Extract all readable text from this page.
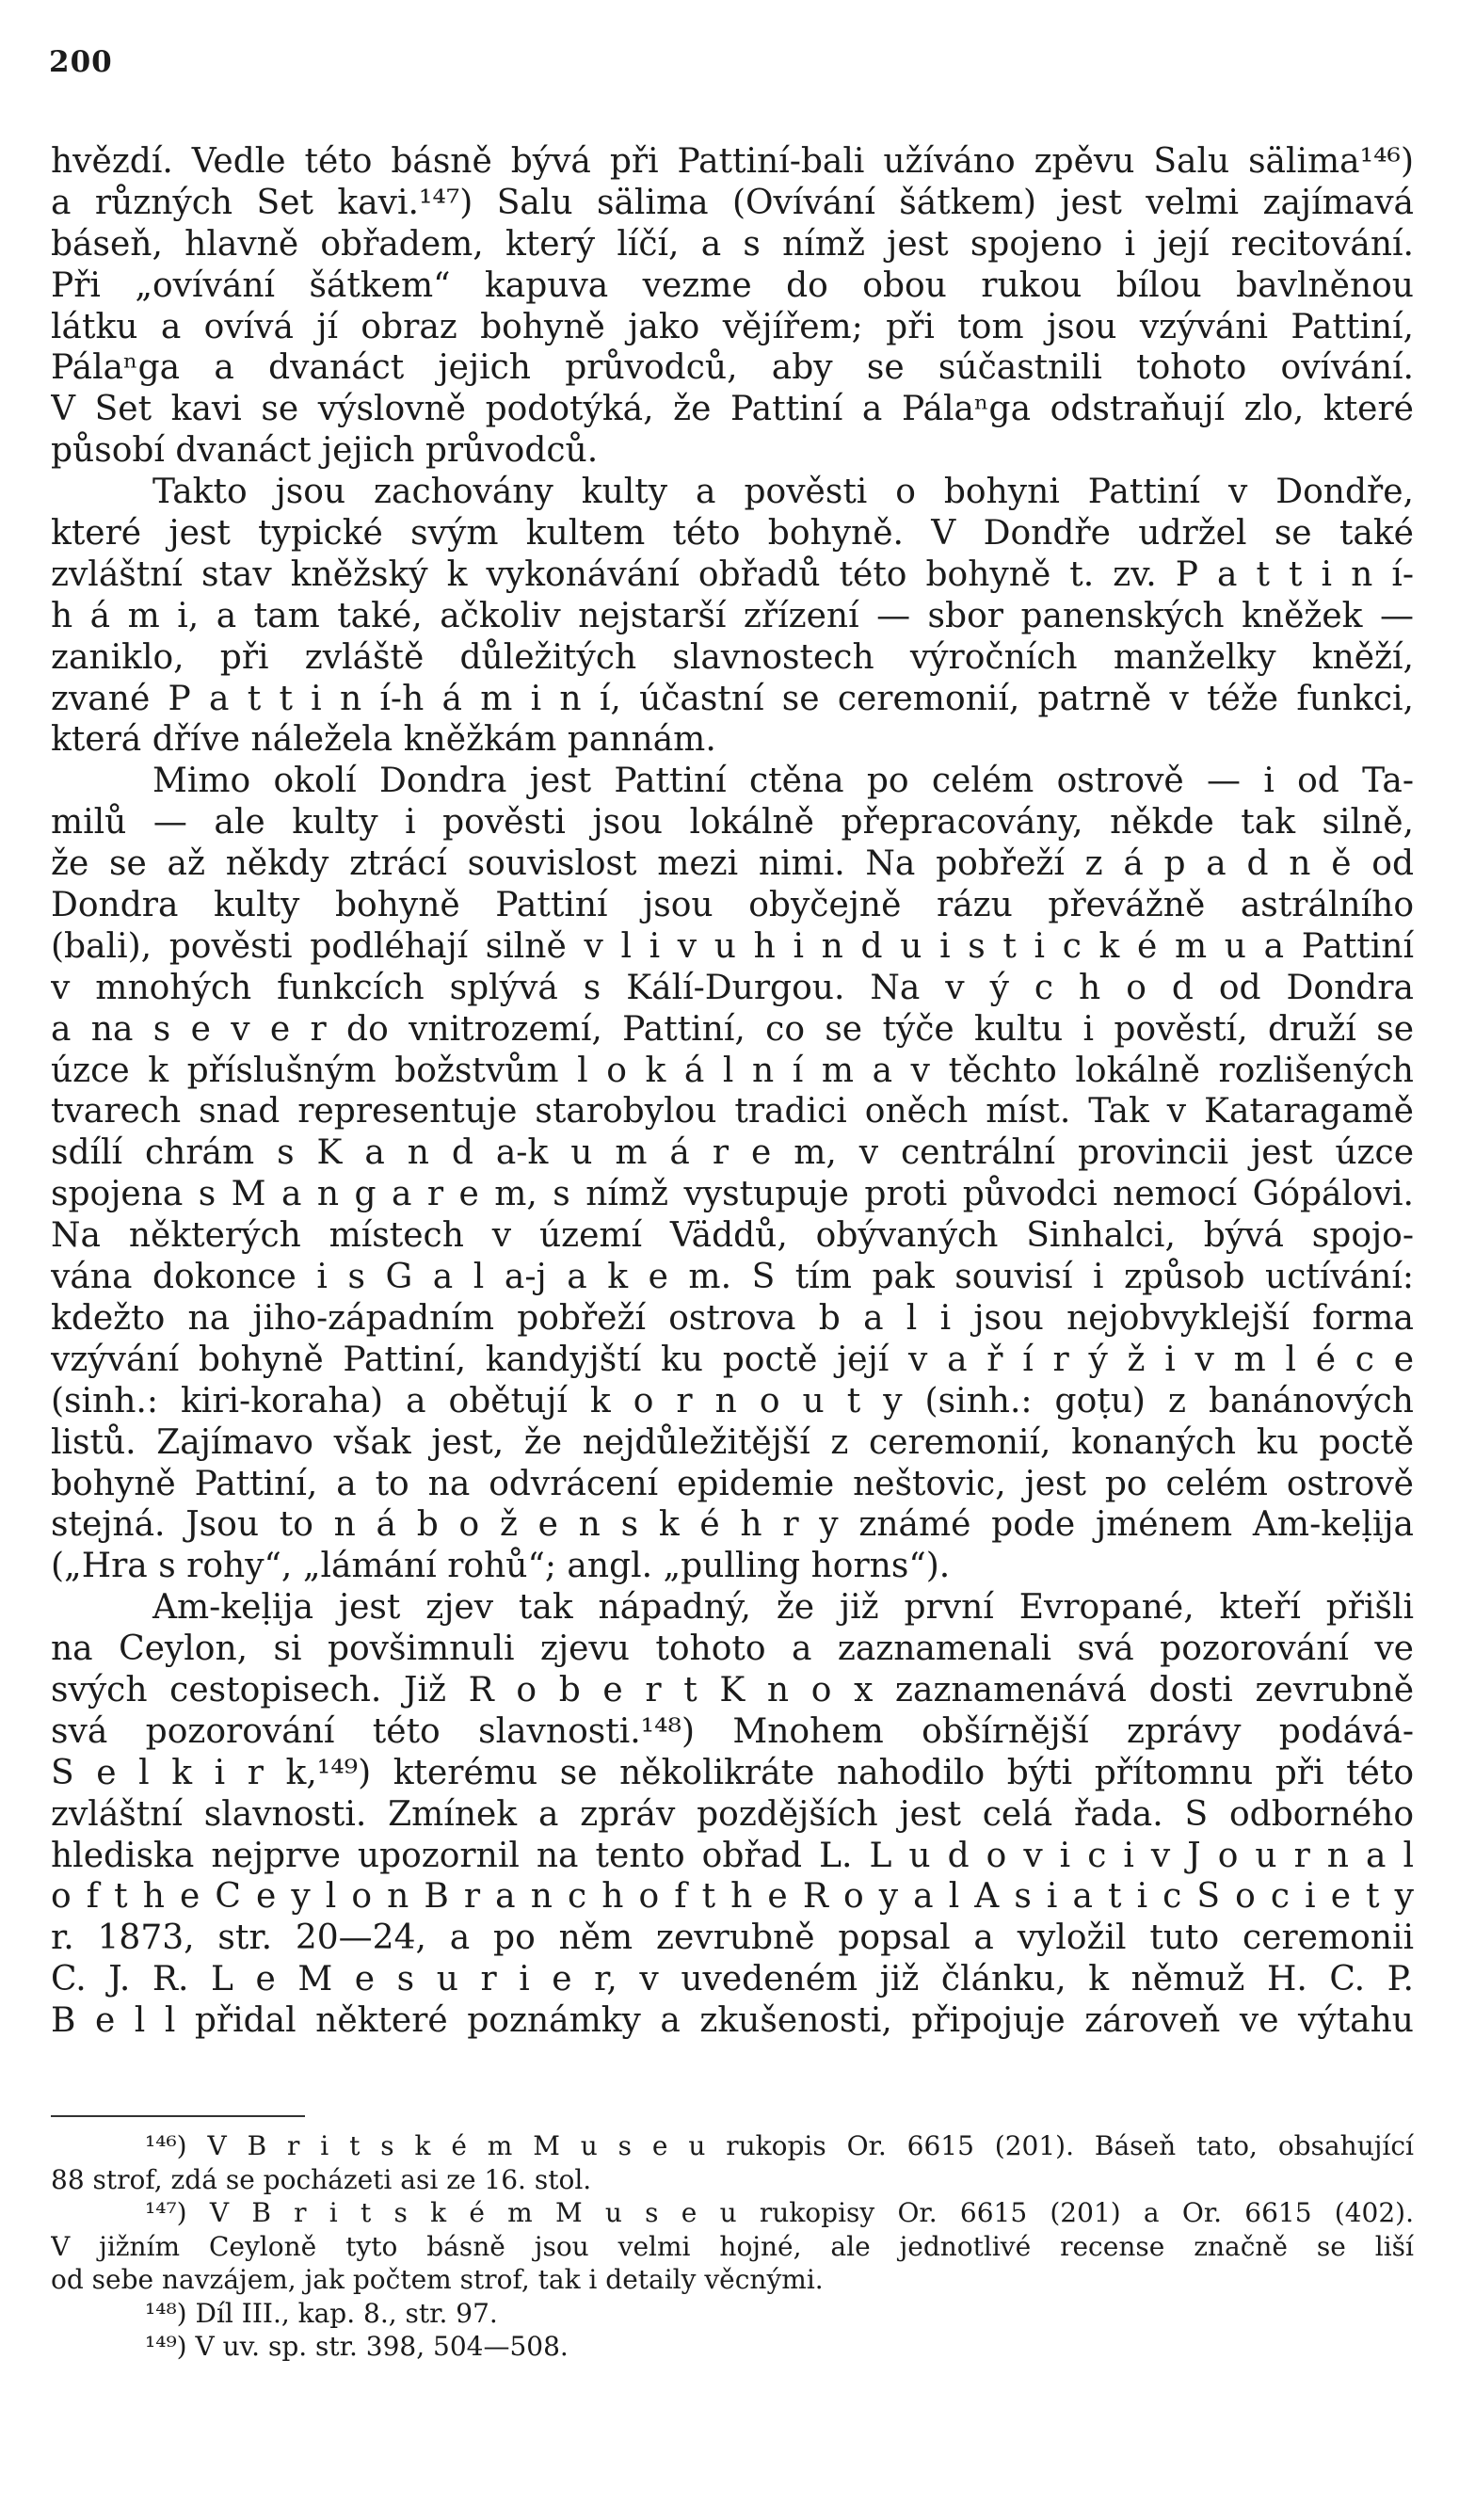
200
hvězdí. Vedle této básně bývá při Pattiní-bali užíváno zpěvu Salu sälima¹⁴⁶)
a různých Set kavi.¹⁴⁷) Salu sälima (Ovívání šátkem) jest velmi zajímavá
báseň, hlavně obřadem, který líčí, a s nímž jest spojeno i její recitování.
Při „ovívání šátkem“ kapuva vezme do obou rukou bílou bavlněnou
látku a ovívá jí obraz bohyně jako vějířem; při tom jsou vzýváni Pattiní,
Pálaⁿga a dvanáct jejich průvodců, aby se súčastnili tohoto ovívání.
V Set kavi se výslovně podotýká, že Pattiní a Pálaⁿga odstraňují zlo, které
působí dvanáct jejich průvodců.
Takto jsou zachovány kulty a pověsti o bohyni Pattiní v Dondře,
které jest typické svým kultem této bohyně. V Dondře udržel se také
zvláštní stav kněžský k vykonávání obřadů této bohyně t. zv. P a t t i n í-
h á m i, a tam také, ačkoliv nejstarší zřízení — sbor panenských kněžek —
zaniklo, při zvláště důležitých slavnostech výročních manželky kněží,
zvané P a t t i n í-h á m i n í, účastní se ceremonií, patrně v téže funkci,
která dříve náležela kněžkám pannám.
Mimo okolí Dondra jest Pattiní ctěna po celém ostrově — i od Ta-
milů — ale kulty i pověsti jsou lokálně přepracovány, někde tak silně,
že se až někdy ztrácí souvislost mezi nimi. Na pobřeží z á p a d n ě od
Dondra kulty bohyně Pattiní jsou obyčejně rázu převážně astrálního
(bali), pověsti podléhají silně v l i v u h i n d u i s t i c k é m u a Pattiní
v mnohých funkcích splývá s Kálí-Durgou. Na v ý c h o d od Dondra
a na s e v e r do vnitrozemí, Pattiní, co se týče kultu i pověstí, druží se
úzce k příslušným božstvům l o k á l n í m a v těchto lokálně rozlišených
tvarech snad representuje starobylou tradici oněch míst. Tak v Kataragamě
sdílí chrám s K a n d a-k u m á r e m, v centrální provincii jest úzce
spojena s M a n g a r e m, s nímž vystupuje proti původci nemocí Gópálovi.
Na některých místech v území Väddů, obývaných Sinhalci, bývá spojo-
vána dokonce i s G a l a-j a k e m. S tím pak souvisí i způsob uctívání:
kdežto na jiho-západním pobřeží ostrova b a l i jsou nejobvyklejší forma
vzývání bohyně Pattiní, kandyjští ku poctě její v a ř í r ý ž i v m l é c e
(sinh.: kiri-koraha) a obětují k o r n o u t y (sinh.: goṭu) z banánových
listů. Zajímavo však jest, že nejdůležitější z ceremonií, konaných ku poctě
bohyně Pattiní, a to na odvrácení epidemie neštovic, jest po celém ostrově
stejná. Jsou to n á b o ž e n s k é h r y známé pode jménem Am-keḷija
(„Hra s rohy“, „lámání rohů“; angl. „pulling horns“).
Am-keḷija jest zjev tak nápadný, že již první Evropané, kteří přišli
na Ceylon, si povšimnuli zjevu tohoto a zaznamenali svá pozorování ve
svých cestopisech. Již R o b e r t K n o x zaznamenává dosti zevrubně
svá pozorování této slavnosti.¹⁴⁸) Mnohem obšírnější zprávy podává-
S e l k i r k,¹⁴⁹) kterému se několikráte nahodilo býti přítomnu při této
zvláštní slavnosti. Zmínek a zpráv pozdějších jest celá řada. S odborného
hlediska nejprve upozornil na tento obřad L. L u d o v i c i v J o u r n a l
o f t h e C e y l o n B r a n c h o f t h e R o y a l A s i a t i c S o c i e t y
r. 1873, str. 20—24, a po něm zevrubně popsal a vyložil tuto ceremonii
C. J. R. L e M e s u r i e r, v uvedeném již článku, k němuž H. C. P.
B e l l přidal některé poznámky a zkušenosti, připojuje zároveň ve výtahu
¹⁴⁶) V B r i t s k é m M u s e u rukopis Or. 6615 (201). Báseň tato, obsahující
88 strof, zdá se pocházeti asi ze 16. stol.
¹⁴⁷) V B r i t s k é m M u s e u rukopisy Or. 6615 (201) a Or. 6615 (402).
V jižním Ceyloně tyto básně jsou velmi hojné, ale jednotlivé recense značně se liší
od sebe navzájem, jak počtem strof, tak i detaily věcnými.
¹⁴⁸) Díl III., kap. 8., str. 97.
¹⁴⁹) V uv. sp. str. 398, 504—508.
